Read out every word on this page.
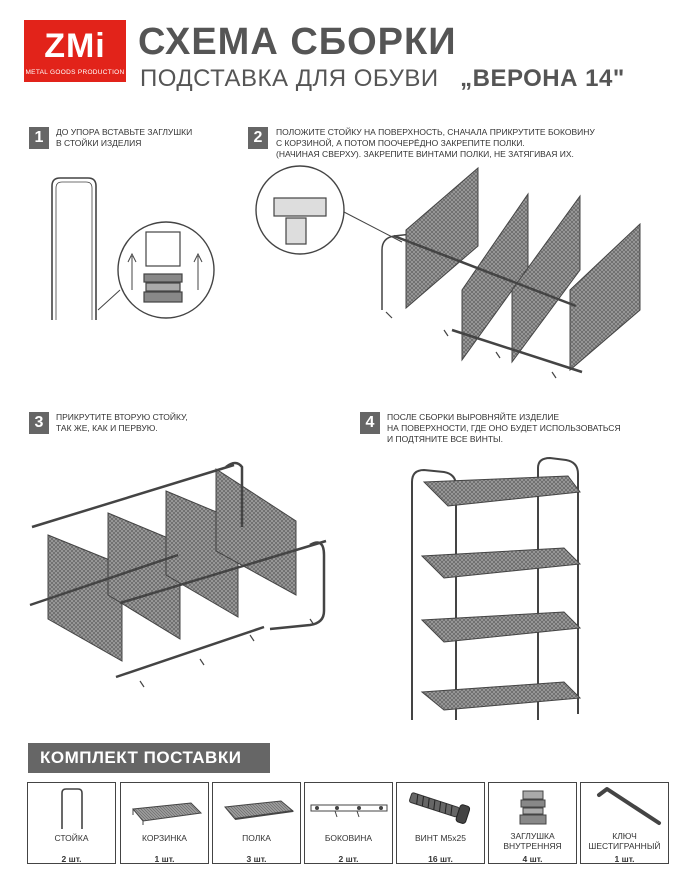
ZMi
METAL GOODS PRODUCTION
СХЕМА СБОРКИ
ПОДСТАВКА ДЛЯ ОБУВИ „ВЕРОНА 14"
1	ДО УПОРА ВСТАВЬТЕ ЗАГЛУШКИ
В СТОЙКИ ИЗДЕЛИЯ	2	ПОЛОЖИТЕ СТОЙКУ НА ПОВЕРХНОСТЬ, СНАЧАЛА ПРИКРУТИТЕ БОКОВИНУ
С КОРЗИНОЙ, А ПОТОМ ПООЧЕРЁДНО ЗАКРЕПИТЕ ПОЛКИ.
(НАЧИНАЯ СВЕРХУ). ЗАКРЕПИТЕ ВИНТАМИ ПОЛКИ, НЕ ЗАТЯГИВАЯ ИХ.
3	ПРИКРУТИТЕ ВТОРУЮ СТОЙКУ,
ТАК ЖЕ, КАК И ПЕРВУЮ.	4	ПОСЛЕ СБОРКИ ВЫРОВНЯЙТЕ ИЗДЕЛИЕ
НА ПОВЕРХНОСТИ, ГДЕ ОНО БУДЕТ ИСПОЛЬЗОВАТЬСЯ
И ПОДТЯНИТЕ ВСЕ ВИНТЫ.
КОМПЛЕКТ ПОСТАВКИ
СТОЙКА
2 шт.
КОРЗИНКА
1 шт.
ПОЛКА
3 шт.
БОКОВИНА
2 шт.
ВИНТ М5х25
16 шт.
ЗАГЛУШКА
ВНУТРЕННЯЯ
4 шт.
КЛЮЧ
ШЕСТИГРАННЫЙ
1 шт.
